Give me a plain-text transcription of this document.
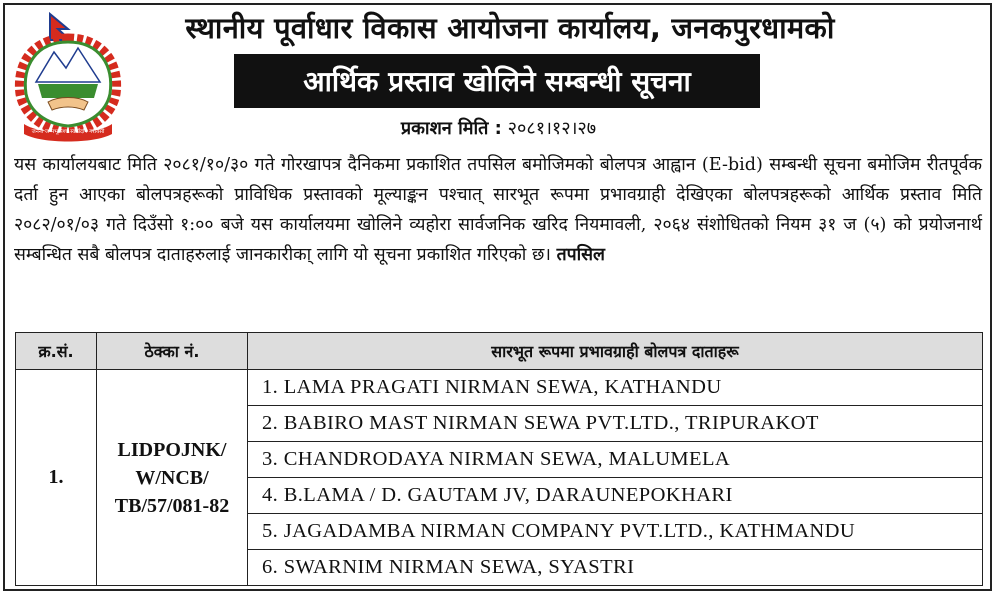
जननी जन्मभूमिश्च स्वर्गादपि गरीयसी
स्थानीय पूर्वाधार विकास आयोजना कार्यालय, जनकपुरधामको
आर्थिक प्रस्ताव खोलिने सम्बन्धी सूचना
प्रकाशन मिति : २०८१।१२।२७
यस कार्यालयबाट मिति २०८१/१०/३० गते गोरखापत्र दैनिकमा प्रकाशित तपसिल बमोजिमको बोलपत्र आह्वान (E-bid) सम्बन्धी सूचना बमोजिम रीतपूर्वक दर्ता हुन आएका बोलपत्रहरूको प्राविधिक प्रस्तावको मूल्याङ्कन पश्चात् सारभूत रूपमा प्रभावग्राही देखिएका बोलपत्रहरूको आर्थिक प्रस्ताव मिति २०८२/०१/०३ गते दिउँसो १:०० बजे यस कार्यालयमा खोलिने व्यहोरा सार्वजनिक खरिद नियमावली, २०६४ संशोधितको नियम ३१ ज (५) को प्रयोजनार्थ सम्बन्धित सबै बोलपत्र दाताहरुलाई जानकारीका् लागि यो सूचना प्रकाशित गरिएको छ। तपसिल
क्र.सं.	ठेक्का नं.	सारभूत रूपमा प्रभावग्राही बोलपत्र दाताहरू
1.	LIDPOJNK/
W/NCB/
TB/57/081-82	1. LAMA PRAGATI NIRMAN SEWA, KATHANDU
		2. BABIRO MAST NIRMAN SEWA PVT.LTD., TRIPURAKOT
		3. CHANDRODAYA NIRMAN SEWA, MALUMELA
		4. B.LAMA / D. GAUTAM JV, DARAUNEPOKHARI
		5. JAGADAMBA NIRMAN COMPANY PVT.LTD., KATHMANDU
		6. SWARNIM NIRMAN SEWA, SYASTRI
